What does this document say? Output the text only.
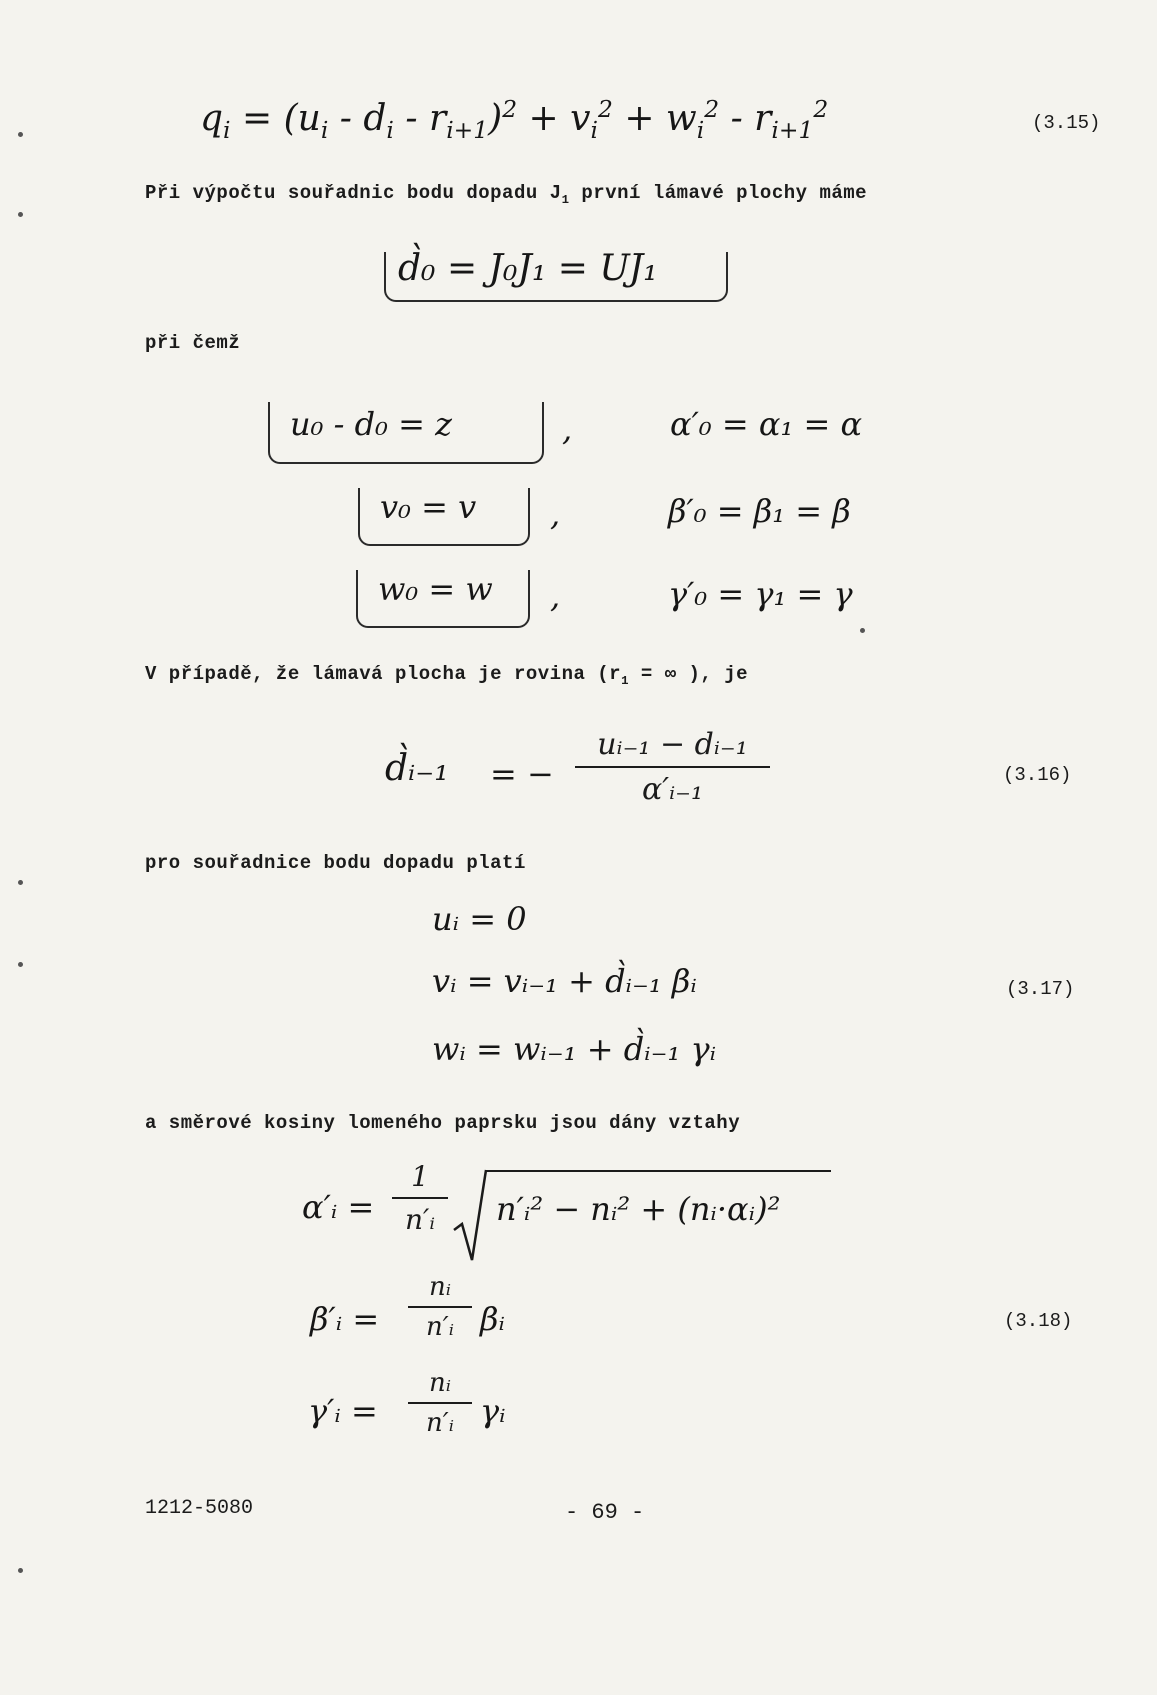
$q_i = (u_i - d_i - r_{i+1})^2 + v_i^2 + w_i^2 - r_{i+1}^2$	(3.15)
Při výpočtu souřadnic bodu dopadu $J_1$ první lámavé plochy máme
d̀₀ = J₀J₁ = UJ₁
při čemž
u₀ - d₀ = z	,	α′₀ = α₁ = α
v₀ = v ,	β′₀ = β₁ = β
w₀ = w ,	γ′₀ = γ₁ = γ
V případě, že lámavá plocha je rovina ($r_1$ = ∞ ), je
d̀ᵢ₋₁ = −
uᵢ₋₁ − dᵢ₋₁
α′ᵢ₋₁	(3.16)
pro souřadnice bodu dopadu platí
uᵢ = 0
vᵢ = vᵢ₋₁ + d̀ᵢ₋₁ βᵢ
wᵢ = wᵢ₋₁ + d̀ᵢ₋₁ γᵢ
(3.17)
a směrové kosiny lomeného paprsku jsou dány vztahy
α′ᵢ =
1
n′ᵢ	n′ᵢ² − nᵢ² + (nᵢ·αᵢ)²
β′ᵢ =
nᵢ
n′ᵢ βᵢ	(3.18)
γ′ᵢ =
nᵢ
n′ᵢ γᵢ
1212-5080	- 69 -
